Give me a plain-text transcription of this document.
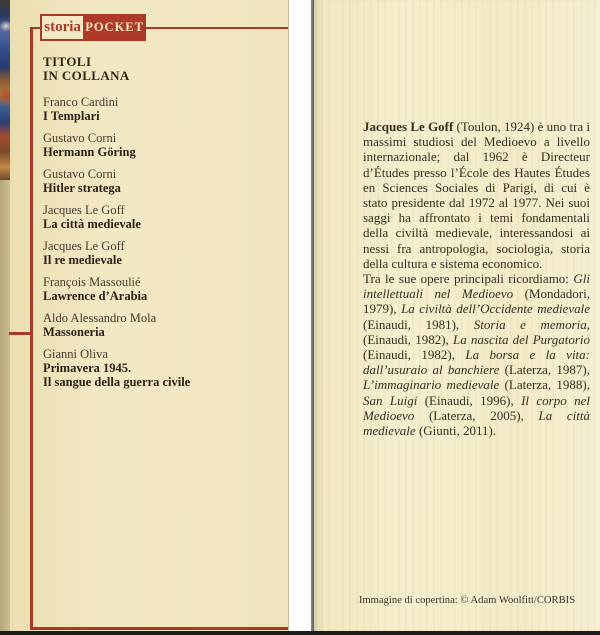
storia POCKET
TITOLI
IN COLLANA
Franco Cardini
I Templari
Gustavo Corni
Hermann Göring
Gustavo Corni
Hitler stratega
Jacques Le Goff
La città medievale
Jacques Le Goff
Il re medievale
François Massoulié
Lawrence d’Arabia
Aldo Alessandro Mola
Massoneria
Gianni Oliva
Primavera 1945.
Il sangue della guerra civile

Jacques Le Goff (Toulon, 1924) è uno tra i massimi studiosi del Medioevo a livello internazionale; dal 1962 è Directeur d’Études presso l’École des Hautes Études en Sciences Sociales di Parigi, di cui è stato presidente dal 1972 al 1977. Nei suoi saggi ha affrontato i temi fondamentali della civiltà medievale, interessandosi ai nessi fra antropologia, sociologia, storia della cultura e sistema economico.

Tra le sue opere principali ricordiamo: Gli intellettuali nel Medioevo (Mondadori, 1979), La civiltà dell’Occidente medievale (Einaudi, 1981), Storia e memoria, (Einaudi, 1982), La nascita del Purgatorio (Einaudi, 1982), La borsa e la vita: dall’usuraio al banchiere (Laterza, 1987), L’immaginario medievale (Laterza, 1988), San Luigi (Einaudi, 1996), Il corpo nel Medioevo (Laterza, 2005), La città medievale (Giunti, 2011).

Immagine di copertina: © Adam Woolfitt/CORBIS
